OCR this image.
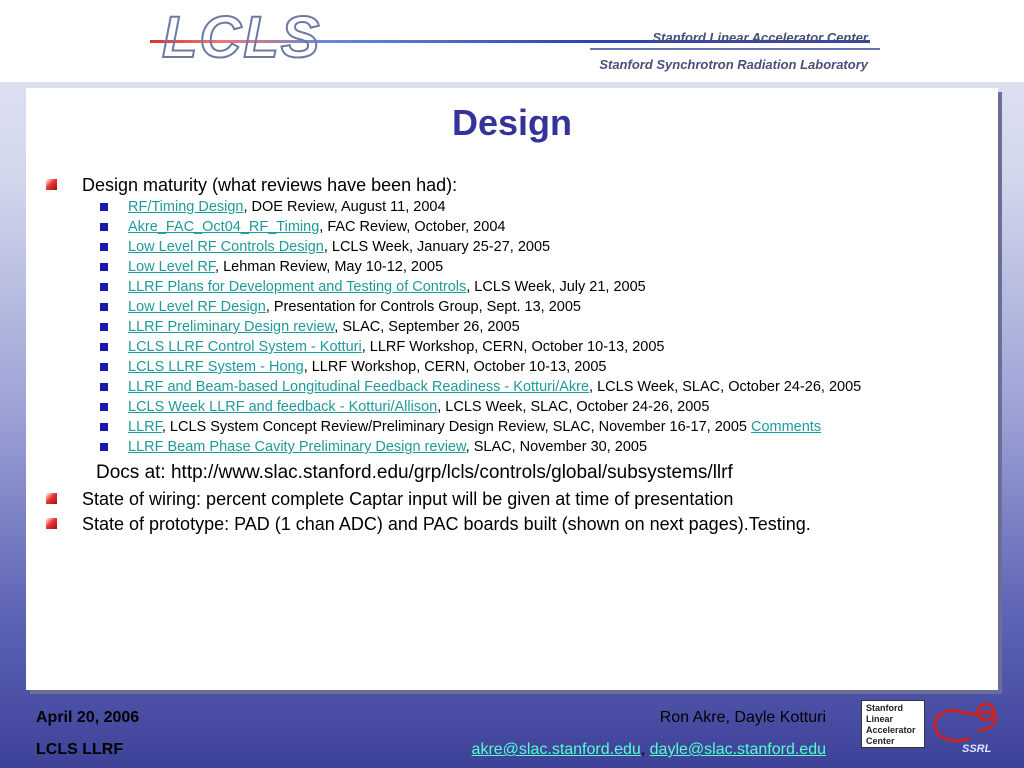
LCLS	Stanford Linear Accelerator Center
Stanford Synchrotron Radiation Laboratory
Design
Design maturity (what reviews have been had):
RF/Timing Design, DOE Review, August 11, 2004
Akre_FAC_Oct04_RF_Timing, FAC Review, October, 2004
Low Level RF Controls Design, LCLS Week, January 25-27, 2005
Low Level RF, Lehman Review, May 10-12, 2005
LLRF Plans for Development and Testing of Controls, LCLS Week, July 21, 2005
Low Level RF Design, Presentation for Controls Group, Sept. 13, 2005
LLRF Preliminary Design review, SLAC, September 26, 2005
LCLS LLRF Control System - Kotturi, LLRF Workshop, CERN, October 10-13, 2005
LCLS LLRF System - Hong, LLRF Workshop, CERN, October 10-13, 2005
LLRF and Beam-based Longitudinal Feedback Readiness - Kotturi/Akre, LCLS Week, SLAC, October 24-26, 2005
LCLS Week LLRF and feedback - Kotturi/Allison, LCLS Week, SLAC, October 24-26, 2005
LLRF, LCLS System Concept Review/Preliminary Design Review, SLAC, November 16-17, 2005 Comments
LLRF Beam Phase Cavity Preliminary Design review, SLAC, November 30, 2005
Docs at: http://www.slac.stanford.edu/grp/lcls/controls/global/subsystems/llrf
State of wiring: percent complete Captar input will be given at time of presentation
State of prototype: PAD (1 chan ADC) and PAC boards built (shown on next pages).Testing.
April 20, 2006
LCLS LLRF
Ron Akre, Dayle Kotturi
akre@slac.stanford.edu, dayle@slac.stanford.edu
Stanford
Linear
Accelerator
Center
SSRL
